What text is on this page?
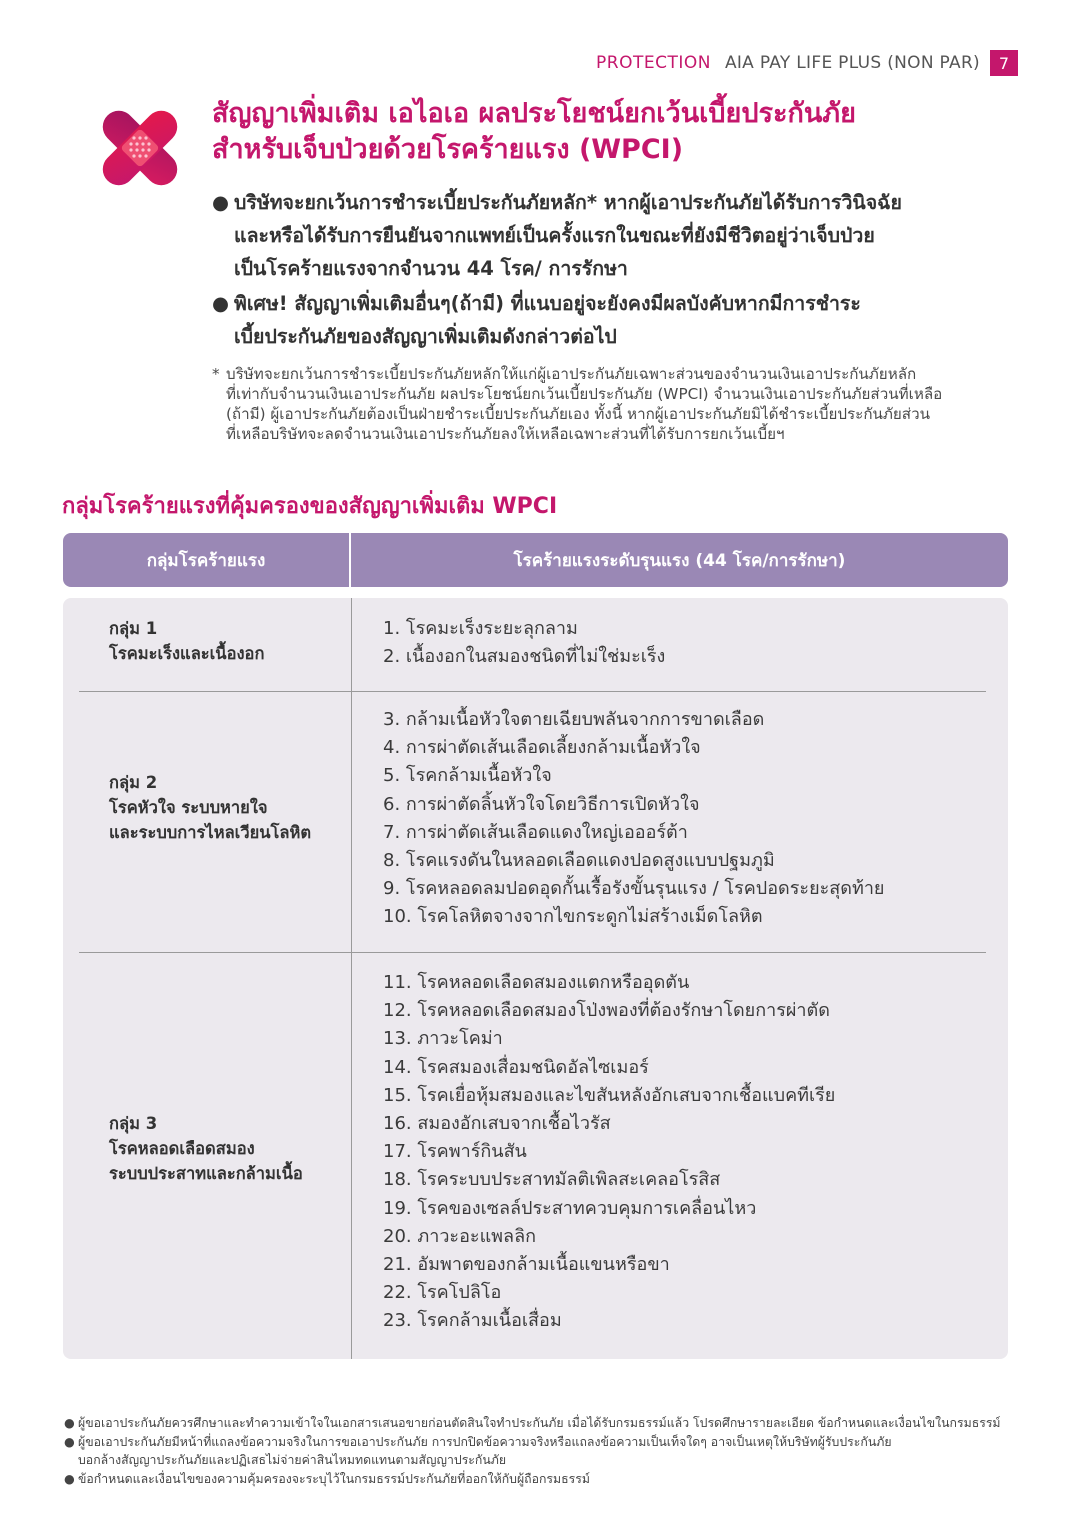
PROTECTION AIA PAY LIFE PLUS (NON PAR)	7
สัญญาเพิ่มเติม เอไอเอ ผลประโยชน์ยกเว้นเบี้ยประกันภัย
สำหรับเจ็บป่วยด้วยโรคร้ายแรง (WPCI)
● บริษัทจะยกเว้นการชำระเบี้ยประกันภัยหลัก* หากผู้เอาประกันภัยได้รับการวินิจฉัย
และหรือได้รับการยืนยันจากแพทย์เป็นครั้งแรกในขณะที่ยังมีชีวิตอยู่ว่าเจ็บป่วย
เป็นโรคร้ายแรงจากจำนวน 44 โรค/ การรักษา
● พิเศษ! สัญญาเพิ่มเติมอื่นๆ(ถ้ามี) ที่แนบอยู่จะยังคงมีผลบังคับหากมีการชำระ
เบี้ยประกันภัยของสัญญาเพิ่มเติมดังกล่าวต่อไป
* บริษัทจะยกเว้นการชำระเบี้ยประกันภัยหลักให้แก่ผู้เอาประกันภัยเฉพาะส่วนของจำนวนเงินเอาประกันภัยหลัก
ที่เท่ากับจำนวนเงินเอาประกันภัย ผลประโยชน์ยกเว้นเบี้ยประกันภัย (WPCI) จำนวนเงินเอาประกันภัยส่วนที่เหลือ
(ถ้ามี) ผู้เอาประกันภัยต้องเป็นฝ่ายชำระเบี้ยประกันภัยเอง ทั้งนี้ หากผู้เอาประกันภัยมิได้ชำระเบี้ยประกันภัยส่วน
ที่เหลือบริษัทจะลดจำนวนเงินเอาประกันภัยลงให้เหลือเฉพาะส่วนที่ได้รับการยกเว้นเบี้ยฯ
กลุ่มโรคร้ายแรงที่คุ้มครองของสัญญาเพิ่มเติม WPCI
กลุ่มโรคร้ายแรง	โรคร้ายแรงระดับรุนแรง (44 โรค/การรักษา)
กลุ่ม 1
โรคมะเร็งและเนื้องอก
1. โรคมะเร็งระยะลุกลาม
2. เนื้องอกในสมองชนิดที่ไม่ใช่มะเร็ง
กลุ่ม 2
โรคหัวใจ ระบบหายใจ
และระบบการไหลเวียนโลหิต
3. กล้ามเนื้อหัวใจตายเฉียบพลันจากการขาดเลือด
4. การผ่าตัดเส้นเลือดเลี้ยงกล้ามเนื้อหัวใจ
5. โรคกล้ามเนื้อหัวใจ
6. การผ่าตัดลิ้นหัวใจโดยวิธีการเปิดหัวใจ
7. การผ่าตัดเส้นเลือดแดงใหญ่เอออร์ต้า
8. โรคแรงดันในหลอดเลือดแดงปอดสูงแบบปฐมภูมิ
9. โรคหลอดลมปอดอุดกั้นเรื้อรังขั้นรุนแรง / โรคปอดระยะสุดท้าย
10. โรคโลหิตจางจากไขกระดูกไม่สร้างเม็ดโลหิต
กลุ่ม 3
โรคหลอดเลือดสมอง
ระบบประสาทและกล้ามเนื้อ
11. โรคหลอดเลือดสมองแตกหรืออุดตัน
12. โรคหลอดเลือดสมองโป่งพองที่ต้องรักษาโดยการผ่าตัด
13. ภาวะโคม่า
14. โรคสมองเสื่อมชนิดอัลไซเมอร์
15. โรคเยื่อหุ้มสมองและไขสันหลังอักเสบจากเชื้อแบคทีเรีย
16. สมองอักเสบจากเชื้อไวรัส
17. โรคพาร์กินสัน
18. โรคระบบประสาทมัลติเพิลสะเคลอโรสิส
19. โรคของเซลล์ประสาทควบคุมการเคลื่อนไหว
20. ภาวะอะแพลลิก
21. อัมพาตของกล้ามเนื้อแขนหรือขา
22. โรคโปลิโอ
23. โรคกล้ามเนื้อเสื่อม
● ผู้ขอเอาประกันภัยควรศึกษาและทำความเข้าใจในเอกสารเสนอขายก่อนตัดสินใจทำประกันภัย เมื่อได้รับกรมธรรม์แล้ว โปรดศึกษารายละเอียด ข้อกำหนดและเงื่อนไขในกรมธรรม์
● ผู้ขอเอาประกันภัยมีหน้าที่แถลงข้อความจริงในการขอเอาประกันภัย การปกปิดข้อความจริงหรือแถลงข้อความเป็นเท็จใดๆ อาจเป็นเหตุให้บริษัทผู้รับประกันภัย
บอกล้างสัญญาประกันภัยและปฏิเสธไม่จ่ายค่าสินไหมทดแทนตามสัญญาประกันภัย
● ข้อกำหนดและเงื่อนไขของความคุ้มครองจะระบุไว้ในกรมธรรม์ประกันภัยที่ออกให้กับผู้ถือกรมธรรม์
